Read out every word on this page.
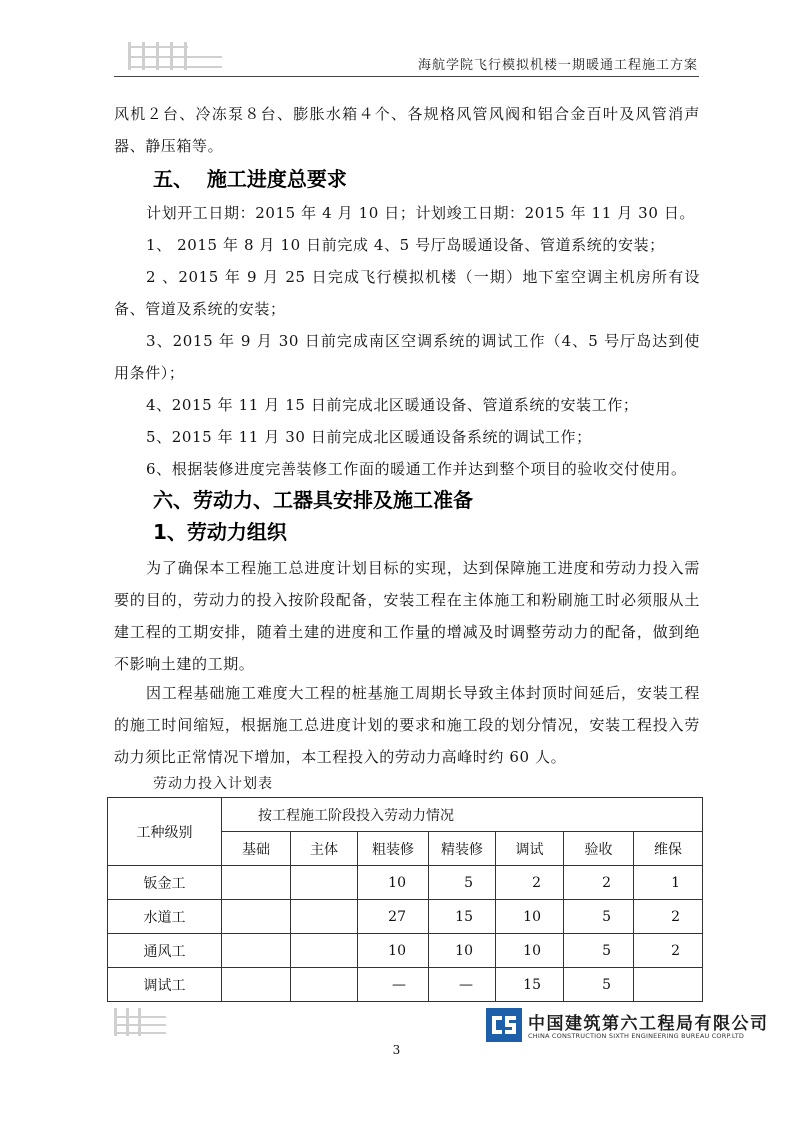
海航学院飞行模拟机楼一期暖通工程施工方案

风机２台、冷冻泵８台、膨胀水箱４个、各规格风管风阀和铝合金百叶及风管消声器、静压箱等。

五、  施工进度总要求

计划开工日期：2015 年 4 月 10 日；计划竣工日期：2015 年 11 月 30 日。

1、 2015 年 8 月 10 日前完成 4、5 号厅岛暖通设备、管道系统的安装；

2 、2015 年 9 月 25 日完成飞行模拟机楼（一期）地下室空调主机房所有设备、管道及系统的安装；

3、2015 年 9 月 30 日前完成南区空调系统的调试工作（4、5 号厅岛达到使用条件）；

4、2015 年 11 月 15 日前完成北区暖通设备、管道系统的安装工作；

5、2015 年 11 月 30 日前完成北区暖通设备系统的调试工作；

6、根据装修进度完善装修工作面的暖通工作并达到整个项目的验收交付使用。

六、劳动力、工器具安排及施工准备
1、劳动力组织

为了确保本工程施工总进度计划目标的实现，达到保障施工进度和劳动力投入需要的目的，劳动力的投入按阶段配备，安装工程在主体施工和粉刷施工时必须服从土建工程的工期安排，随着土建的进度和工作量的增减及时调整劳动力的配备，做到绝不影响土建的工期。

因工程基础施工难度大工程的桩基施工周期长导致主体封顶时间延后，安装工程的施工时间缩短，根据施工总进度计划的要求和施工段的划分情况，安装工程投入劳动力须比正常情况下增加，本工程投入的劳动力高峰时约 60 人。

劳动力投入计划表
工种级别	按工程施工阶段投入劳动力情况						
	基础	主体	粗装修	精装修	调试	验收	维保
钣金工			10	5	2	2	1
水道工			27	15	10	5	2
通风工			10	10	10	5	2
调试工			—	—	15	5	
中国建筑第六工程局有限公司
CHINA CONSTRUCTION SIXTH ENGINEERING BUREAU CORP.LTD
3
